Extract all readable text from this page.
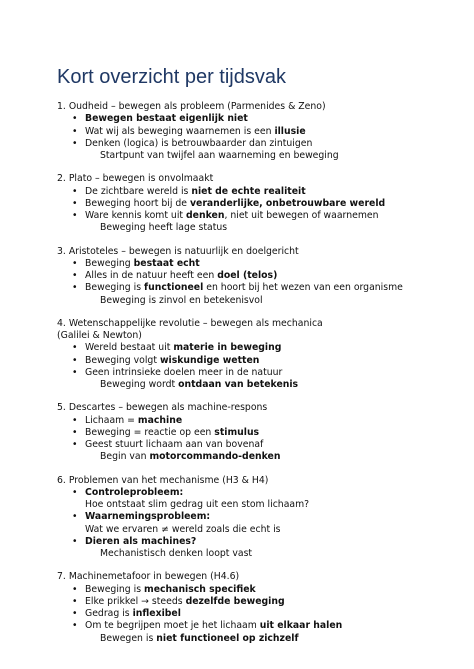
Kort overzicht per tijdsvak
1. Oudheid – bewegen als probleem (Parmenides & Zeno)
• Bewegen bestaat eigenlijk niet
• Wat wij als beweging waarnemen is een illusie
• Denken (logica) is betrouwbaarder dan zintuigen
Startpunt van twijfel aan waarneming en beweging
2. Plato – bewegen is onvolmaakt
• De zichtbare wereld is niet de echte realiteit
• Beweging hoort bij de veranderlijke, onbetrouwbare wereld
• Ware kennis komt uit denken, niet uit bewegen of waarnemen
Beweging heeft lage status
3. Aristoteles – bewegen is natuurlijk en doelgericht
• Beweging bestaat echt
• Alles in de natuur heeft een doel (telos)
• Beweging is functioneel en hoort bij het wezen van een organisme
Beweging is zinvol en betekenisvol
4. Wetenschappelijke revolutie – bewegen als mechanica
(Galilei & Newton)
• Wereld bestaat uit materie in beweging
• Beweging volgt wiskundige wetten
• Geen intrinsieke doelen meer in de natuur
Beweging wordt ontdaan van betekenis
5. Descartes – bewegen als machine-respons
• Lichaam = machine
• Beweging = reactie op een stimulus
• Geest stuurt lichaam aan van bovenaf
Begin van motorcommando-denken
6. Problemen van het mechanisme (H3 & H4)
• Controleprobleem:
Hoe ontstaat slim gedrag uit een stom lichaam?
• Waarnemingsprobleem:
Wat we ervaren ≠ wereld zoals die echt is
• Dieren als machines?
Mechanistisch denken loopt vast
7. Machinemetafoor in bewegen (H4.6)
• Beweging is mechanisch specifiek
• Elke prikkel → steeds dezelfde beweging
• Gedrag is inflexibel
• Om te begrijpen moet je het lichaam uit elkaar halen
Bewegen is niet functioneel op zichzelf
